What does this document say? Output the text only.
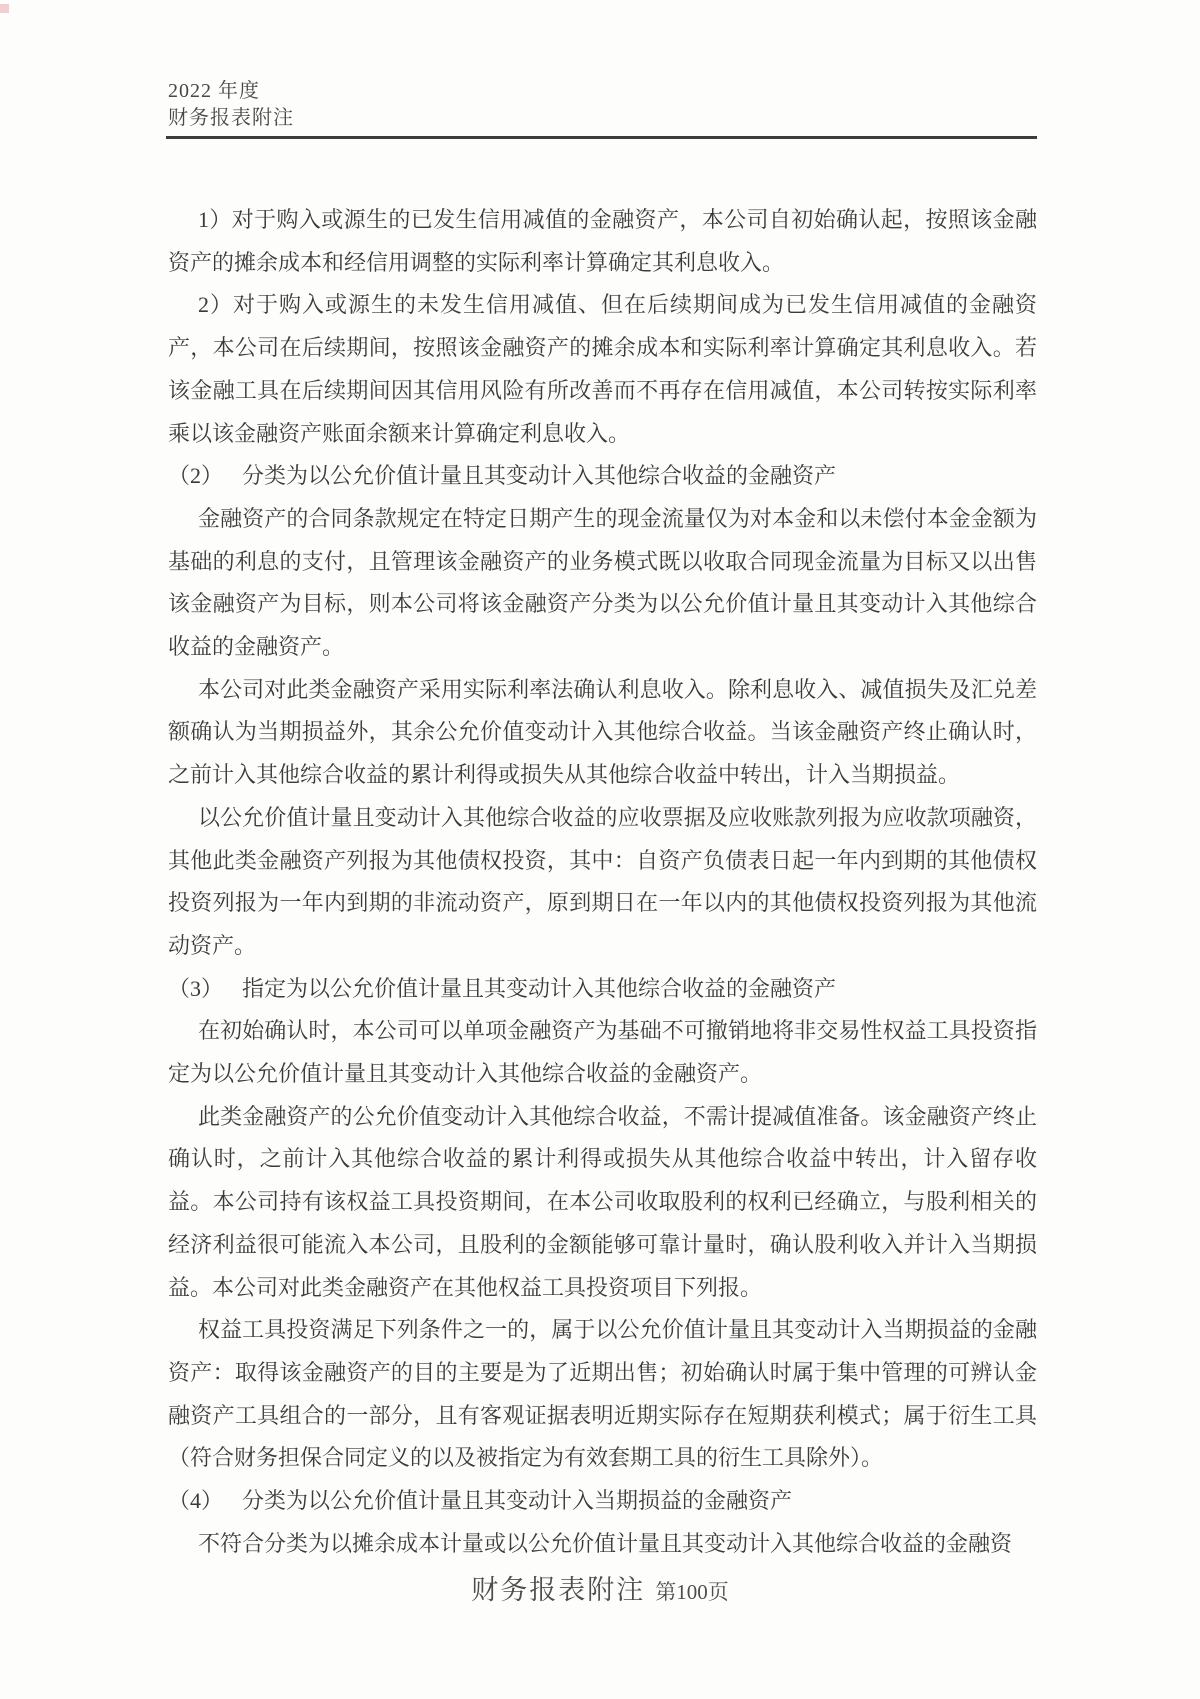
2022 年度
财务报表附注

1）对于购入或源生的已发生信用减值的金融资产，本公司自初始确认起，按照该金融资产的摊余成本和经信用调整的实际利率计算确定其利息收入。

2）对于购入或源生的未发生信用减值、但在后续期间成为已发生信用减值的金融资产，本公司在后续期间，按照该金融资产的摊余成本和实际利率计算确定其利息收入。若该金融工具在后续期间因其信用风险有所改善而不再存在信用减值，本公司转按实际利率乘以该金融资产账面余额来计算确定利息收入。

（2） 分类为以公允价值计量且其变动计入其他综合收益的金融资产

金融资产的合同条款规定在特定日期产生的现金流量仅为对本金和以未偿付本金金额为基础的利息的支付，且管理该金融资产的业务模式既以收取合同现金流量为目标又以出售该金融资产为目标，则本公司将该金融资产分类为以公允价值计量且其变动计入其他综合收益的金融资产。

本公司对此类金融资产采用实际利率法确认利息收入。除利息收入、减值损失及汇兑差额确认为当期损益外，其余公允价值变动计入其他综合收益。当该金融资产终止确认时，之前计入其他综合收益的累计利得或损失从其他综合收益中转出，计入当期损益。

以公允价值计量且变动计入其他综合收益的应收票据及应收账款列报为应收款项融资，其他此类金融资产列报为其他债权投资，其中：自资产负债表日起一年内到期的其他债权投资列报为一年内到期的非流动资产，原到期日在一年以内的其他债权投资列报为其他流动资产。

（3） 指定为以公允价值计量且其变动计入其他综合收益的金融资产

在初始确认时，本公司可以单项金融资产为基础不可撤销地将非交易性权益工具投资指定为以公允价值计量且其变动计入其他综合收益的金融资产。

此类金融资产的公允价值变动计入其他综合收益，不需计提减值准备。该金融资产终止确认时，之前计入其他综合收益的累计利得或损失从其他综合收益中转出，计入留存收益。本公司持有该权益工具投资期间，在本公司收取股利的权利已经确立，与股利相关的经济利益很可能流入本公司，且股利的金额能够可靠计量时，确认股利收入并计入当期损益。本公司对此类金融资产在其他权益工具投资项目下列报。

权益工具投资满足下列条件之一的，属于以公允价值计量且其变动计入当期损益的金融资产：取得该金融资产的目的主要是为了近期出售；初始确认时属于集中管理的可辨认金融资产工具组合的一部分，且有客观证据表明近期实际存在短期获利模式；属于衍生工具（符合财务担保合同定义的以及被指定为有效套期工具的衍生工具除外）。

（4） 分类为以公允价值计量且其变动计入当期损益的金融资产

不符合分类为以摊余成本计量或以公允价值计量且其变动计入其他综合收益的金融资

财务报表附注 第100页
